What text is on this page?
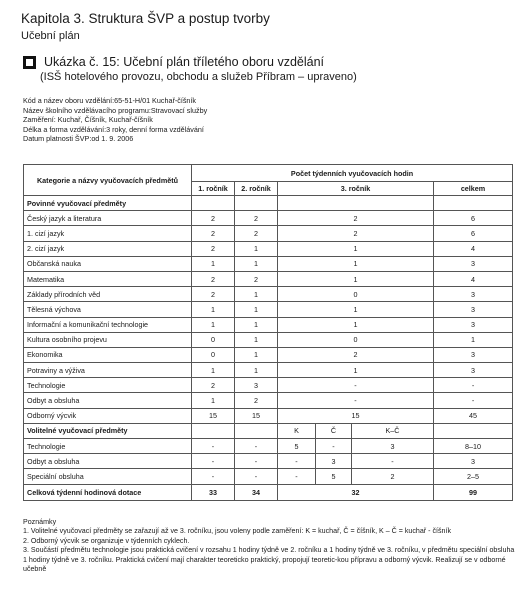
Kapitola 3. Struktura ŠVP a postup tvorby
Učební plán
Ukázka č. 15: Učební plán tříletého oboru vzdělání
(ISŠ hotelového provozu, obchodu a služeb Příbram – upraveno)
Kód a název oboru vzdělání:65-51-H/01 Kuchař-číšník
Název školního vzdělávacího programu:Stravovací služby
Zaměření: Kuchař, Číšník, Kuchař-číšník
Délka a forma vzdělávání:3 roky, denní forma vzdělávání
Datum platnosti ŠVP:od 1. 9. 2006
Kategorie a názvy vyučovacích předmětů	Počet týdenních vyučovacích hodin					
	1. ročník	2. ročník	3. ročník			celkem
Povinné vyučovací předměty						
Český jazyk a literatura	2	2	2			6
1. cizí jazyk	2	2	2			6
2. cizí jazyk	2	1	1			4
Občanská nauka	1	1	1			3
Matematika	2	2	1			4
Základy přírodních věd	2	1	0			3
Tělesná výchova	1	1	1			3
Informační a komunikační technologie	1	1	1			3
Kultura osobního projevu	0	1	0			1
Ekonomika	0	1	2			3
Potraviny a výživa	1	1	1			3
Technologie	2	3	-			-
Odbyt a obsluha	1	2	-			-
Odborný výcvik	15	15	15			45
Volitelné vyučovací předměty			K	Č	K–Č	
Technologie	-	-	5	-	3	8–10
Odbyt a obsluha	-	-	-	3	-	3
Speciální obsluha	-	-	-	5	2	2–5
Celková týdenní hodinová dotace	33	34	32			99
Poznámky
1. Volitelné vyučovací předměty se zařazují až ve 3. ročníku, jsou voleny podle zaměření: K = kuchař, Č = číšník, K – Č = kuchař - číšník
2. Odborný výcvik se organizuje v týdenních cyklech.
3. Součástí předmětu technologie jsou praktická cvičení v rozsahu 1 hodiny týdně ve 2. ročníku a 1 hodiny týdně ve 3. ročníku, v předmětu speciální obsluha 1 hodiny týdně ve 3. ročníku. Praktická cvičení mají charakter teoreticko praktický, propojují teoretic-kou přípravu a odborný výcvik. Realizují se v odborné učebně
